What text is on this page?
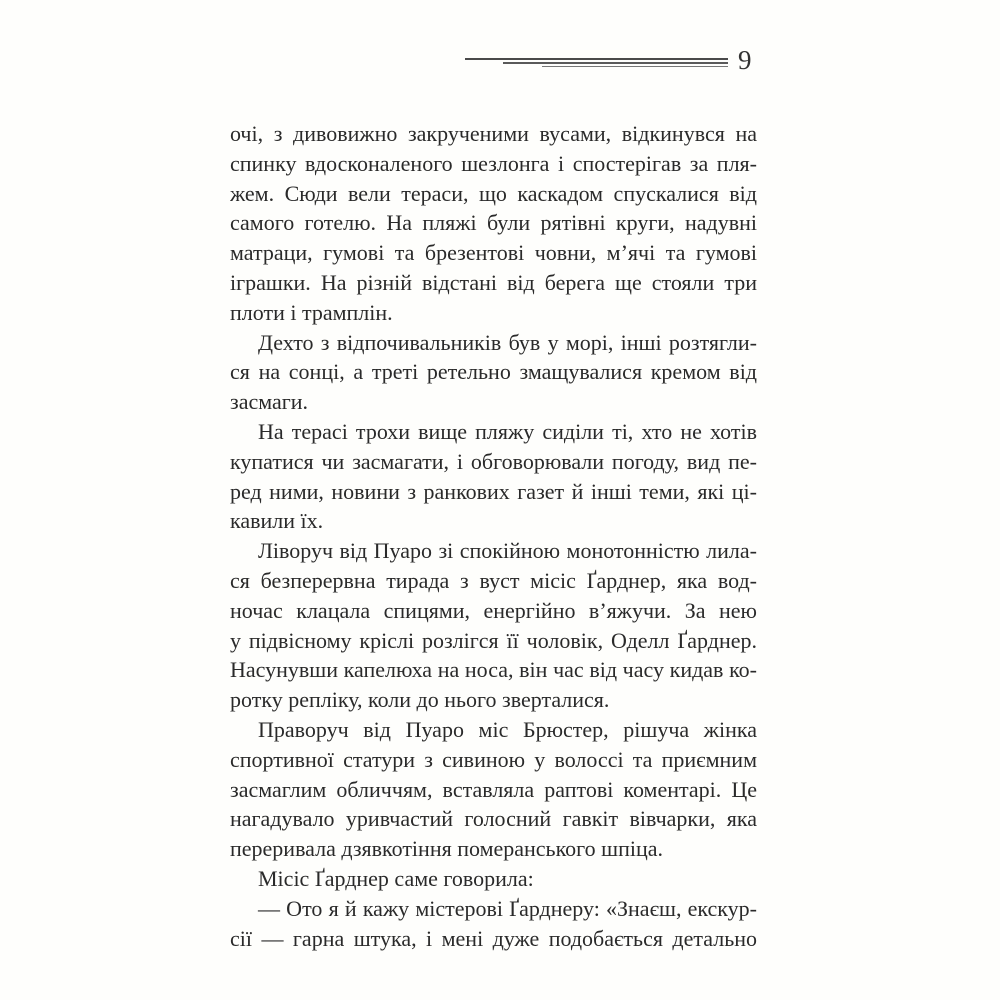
9
очі, з дивовижно закрученими вусами, відкинувся на
спинку вдосконаленого шезлонга і спостерігав за пля-
жем. Сюди вели тераси, що каскадом спускалися від
самого готелю. На пляжі були рятівні круги, надувні
матраци, гумові та брезентові човни, м’ячі та гумові
іграшки. На різній відстані від берега ще стояли три
плоти і трамплін.
Дехто з відпочивальників був у морі, інші розтягли-
ся на сонці, а треті ретельно змащувалися кремом від
засмаги.
На терасі трохи вище пляжу сиділи ті, хто не хотів
купатися чи засмагати, і обговорювали погоду, вид пе-
ред ними, новини з ранкових газет й інші теми, які ці-
кавили їх.
Ліворуч від Пуаро зі спокійною монотонністю лила-
ся безперервна тирада з вуст місіс Ґарднер, яка вод-
ночас клацала спицями, енергійно в’яжучи. За нею
у підвісному кріслі розлігся її чоловік, Оделл Ґарднер.
Насунувши капелюха на носа, він час від часу кидав ко-
ротку репліку, коли до нього зверталися.
Праворуч від Пуаро міс Брюстер, рішуча жінка
спортивної статури з сивиною у волоссі та приємним
засмаглим обличчям, вставляла раптові коментарі. Це
нагадувало уривчастий голосний гавкіт вівчарки, яка
переривала дзявкотіння померанського шпіца.
Місіс Ґарднер саме говорила:
— Ото я й кажу містерові Ґарднеру: «Знаєш, екскур-
сії — гарна штука, і мені дуже подобається детально
